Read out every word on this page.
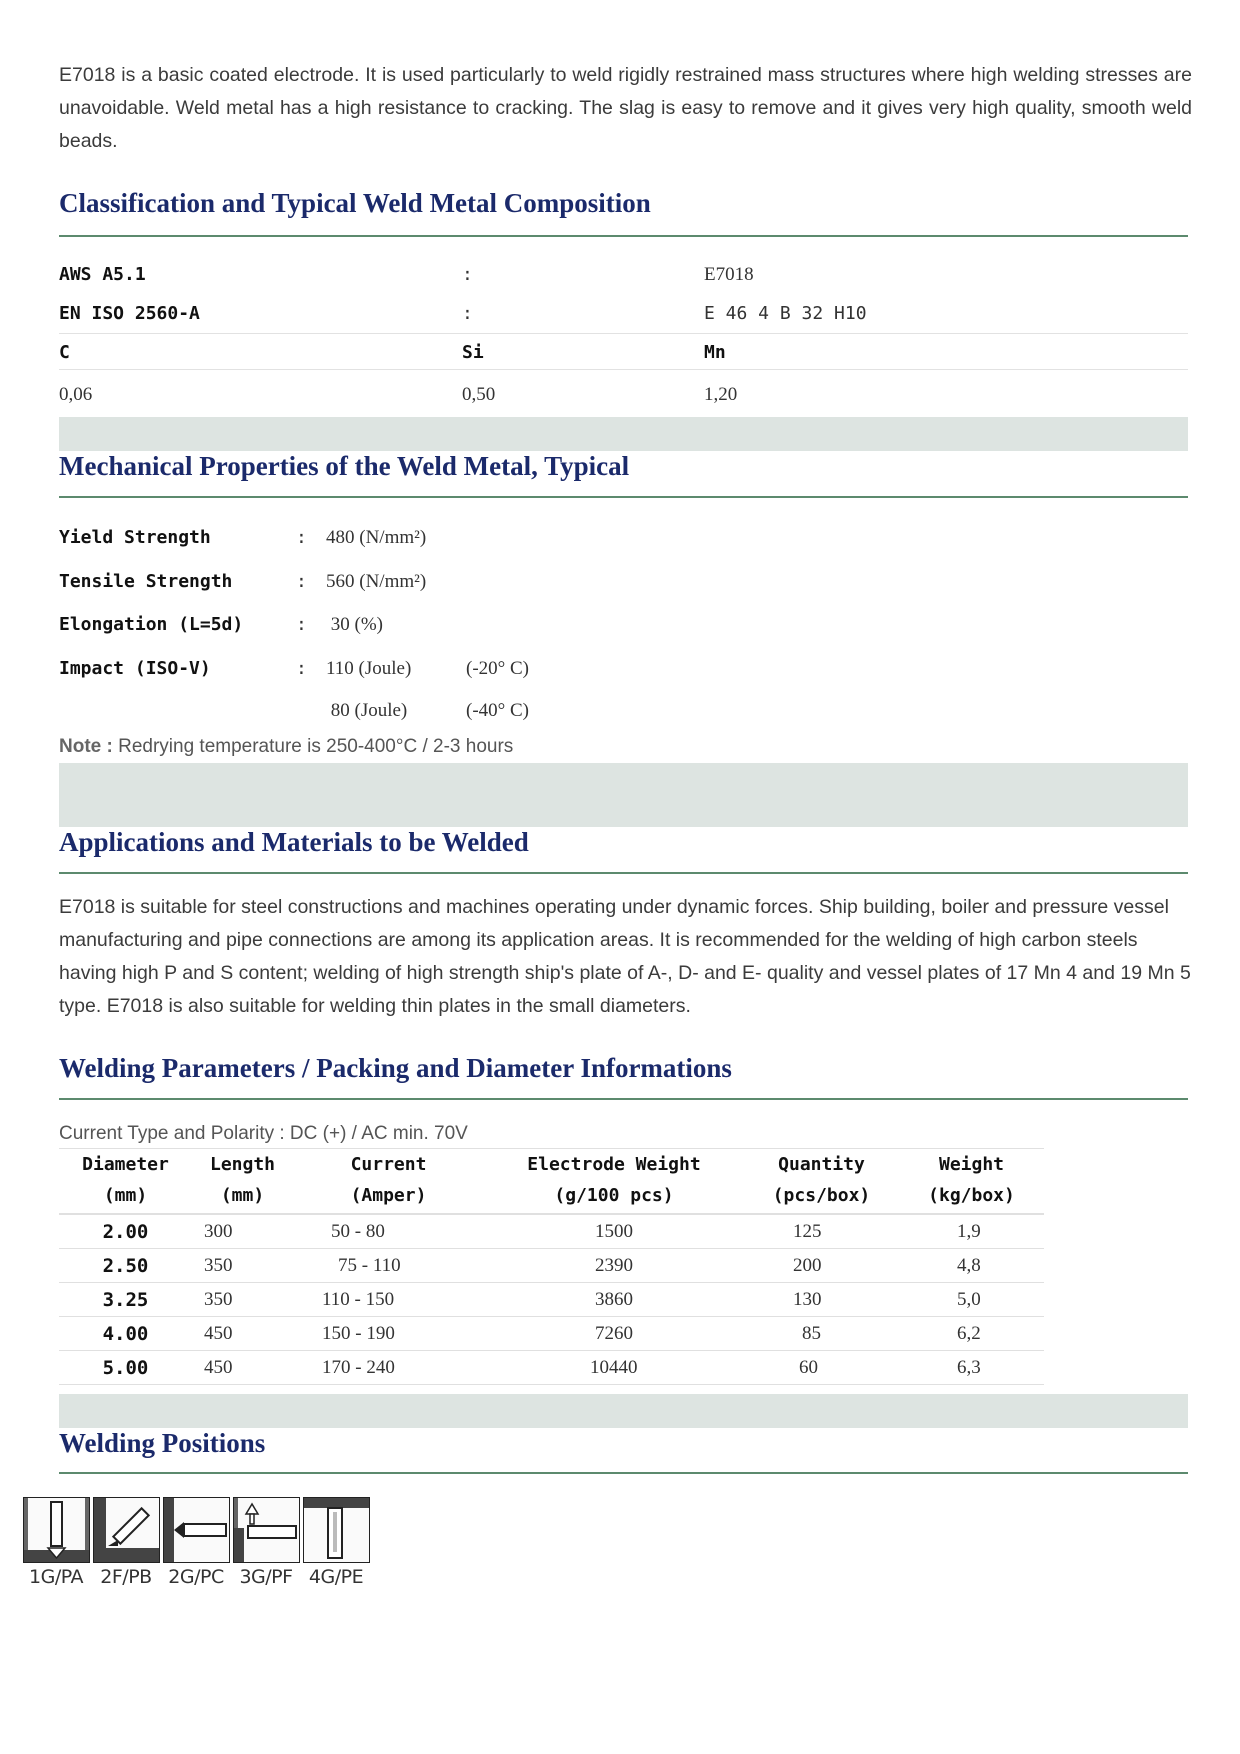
E7018 is a basic coated electrode. It is used particularly to weld rigidly restrained mass structures where high welding stresses are unavoidable. Weld metal has a high resistance to cracking. The slag is easy to remove and it gives very high quality, smooth weld beads.

Classification and Typical Weld Metal Composition
AWS A5.1	:	E7018
EN ISO 2560-A	:	E 46 4 B 32 H10
C	Si	Mn
0,06	0,50	1,20
Mechanical Properties of the Weld Metal, Typical
Yield Strength	: 480 (N/mm²)
Tensile Strength	: 560 (N/mm²)
Elongation (L=5d)	: 30 (%)
Impact (ISO-V)	: 110 (Joule)	(-20° C)
80 (Joule)	(-40° C)
Note : Redrying temperature is 250-400°C / 2-3 hours
Applications and Materials to be Welded

E7018 is suitable for steel constructions and machines operating under dynamic forces. Ship building, boiler and pressure vessel manufacturing and pipe connections are among its application areas. It is recommended for the welding of high carbon steels having high P and S content; welding of high strength ship's plate of A-, D- and E- quality and vessel plates of 17 Mn 4 and 19 Mn 5 type. E7018 is also suitable for welding thin plates in the small diameters.

Welding Parameters / Packing and Diameter Informations
Current Type and Polarity : DC (+) / AC min. 70V
Diameter	Length	Current	Electrode Weight	Quantity	Weight
(mm)	(mm)	(Amper)	(g/100 pcs)	(pcs/box)	(kg/box)
2.00	300	50 - 80	1500	125	1,9
2.50	350	75 - 110	2390	200	4,8
3.25	350	110 - 150	3860	130	5,0
4.00	450	150 - 190	7260	85	6,2
5.00	450	170 - 240	10440	60	6,3
Welding Positions
1G/PA 2F/PB 2G/PC 3G/PF 4G/PE
